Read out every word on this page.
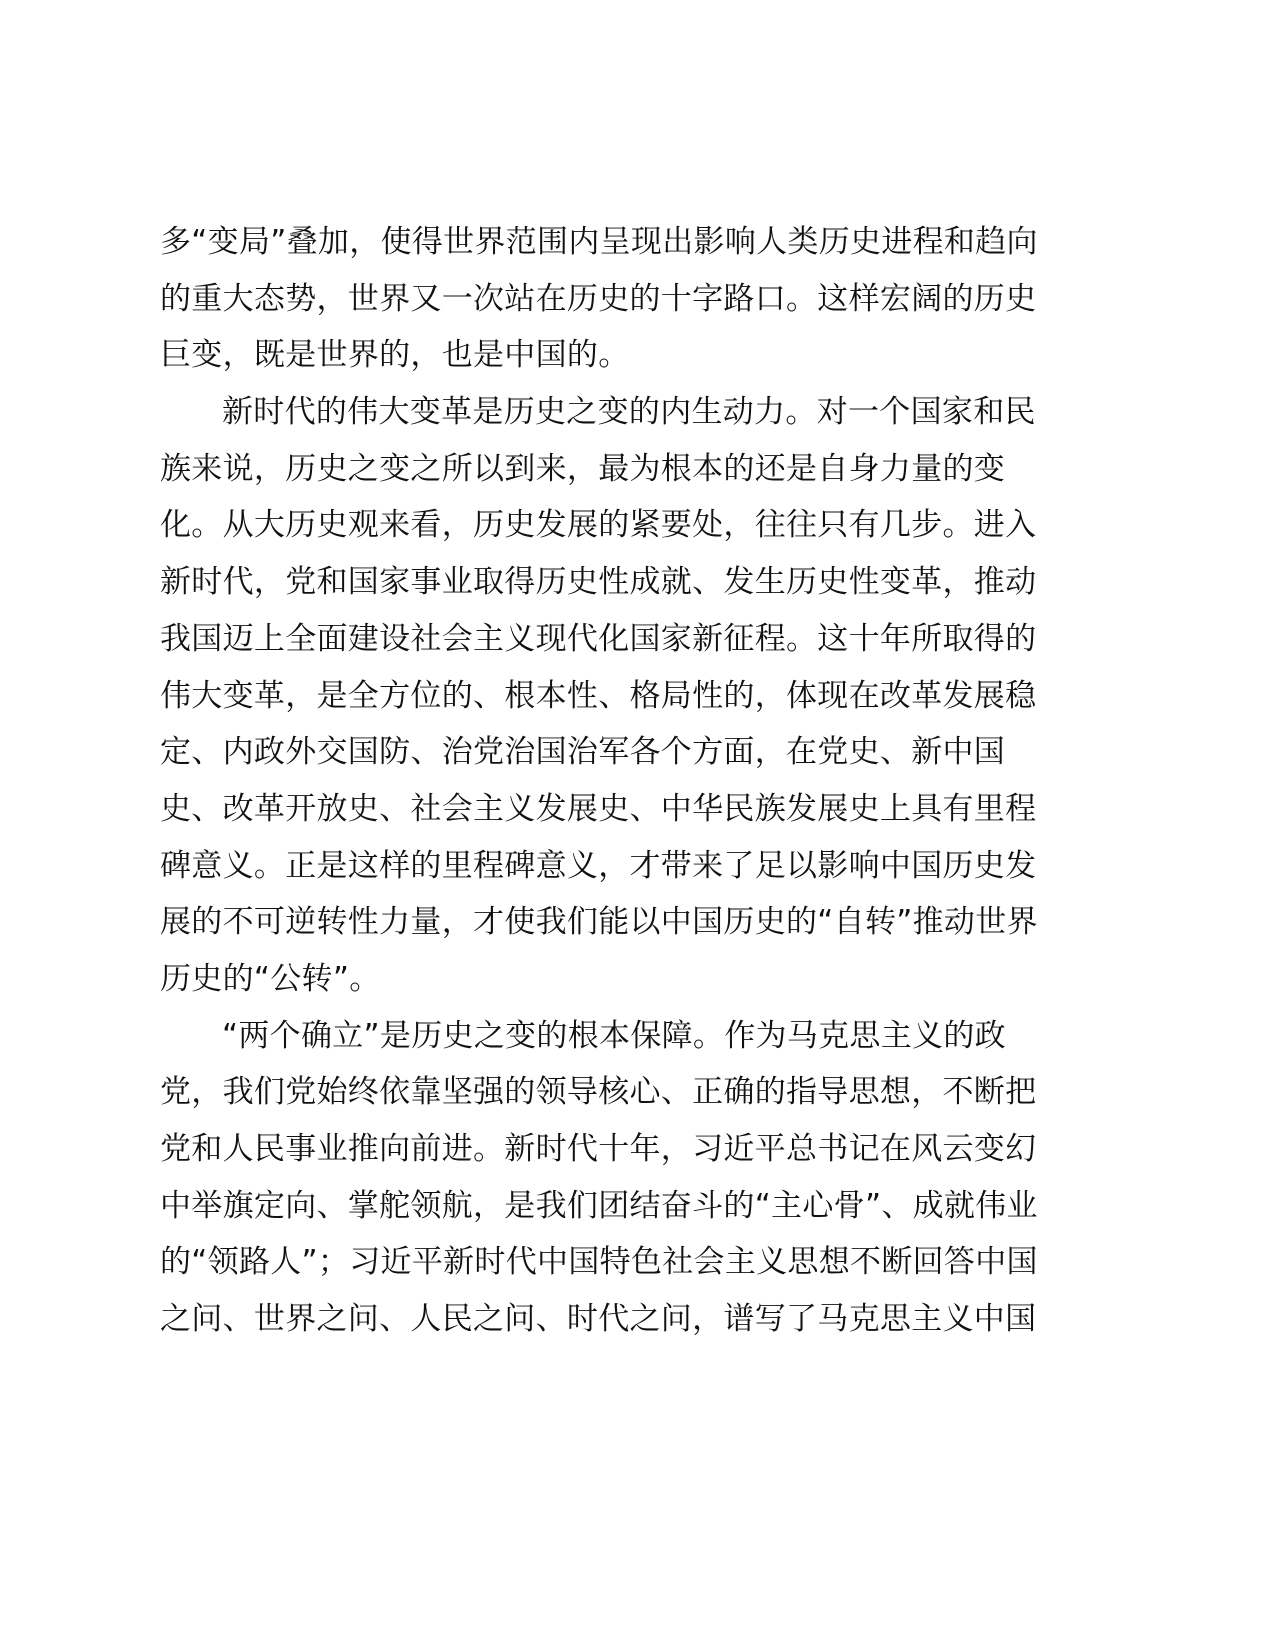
多“变局”叠加，使得世界范围内呈现出影响人类历史进程和趋向
的重大态势，世界又一次站在历史的十字路口。这样宏阔的历史
巨变，既是世界的，也是中国的。
新时代的伟大变革是历史之变的内生动力。对一个国家和民
族来说，历史之变之所以到来，最为根本的还是自身力量的变
化。从大历史观来看，历史发展的紧要处，往往只有几步。进入
新时代，党和国家事业取得历史性成就、发生历史性变革，推动
我国迈上全面建设社会主义现代化国家新征程。这十年所取得的
伟大变革，是全方位的、根本性、格局性的，体现在改革发展稳
定、内政外交国防、治党治国治军各个方面，在党史、新中国
史、改革开放史、社会主义发展史、中华民族发展史上具有里程
碑意义。正是这样的里程碑意义，才带来了足以影响中国历史发
展的不可逆转性力量，才使我们能以中国历史的“自转”推动世界
历史的“公转”。
“两个确立”是历史之变的根本保障。作为马克思主义的政
党，我们党始终依靠坚强的领导核心、正确的指导思想，不断把
党和人民事业推向前进。新时代十年，习近平总书记在风云变幻
中举旗定向、掌舵领航，是我们团结奋斗的“主心骨”、成就伟业
的“领路人”；习近平新时代中国特色社会主义思想不断回答中国
之问、世界之问、人民之问、时代之问，谱写了马克思主义中国
